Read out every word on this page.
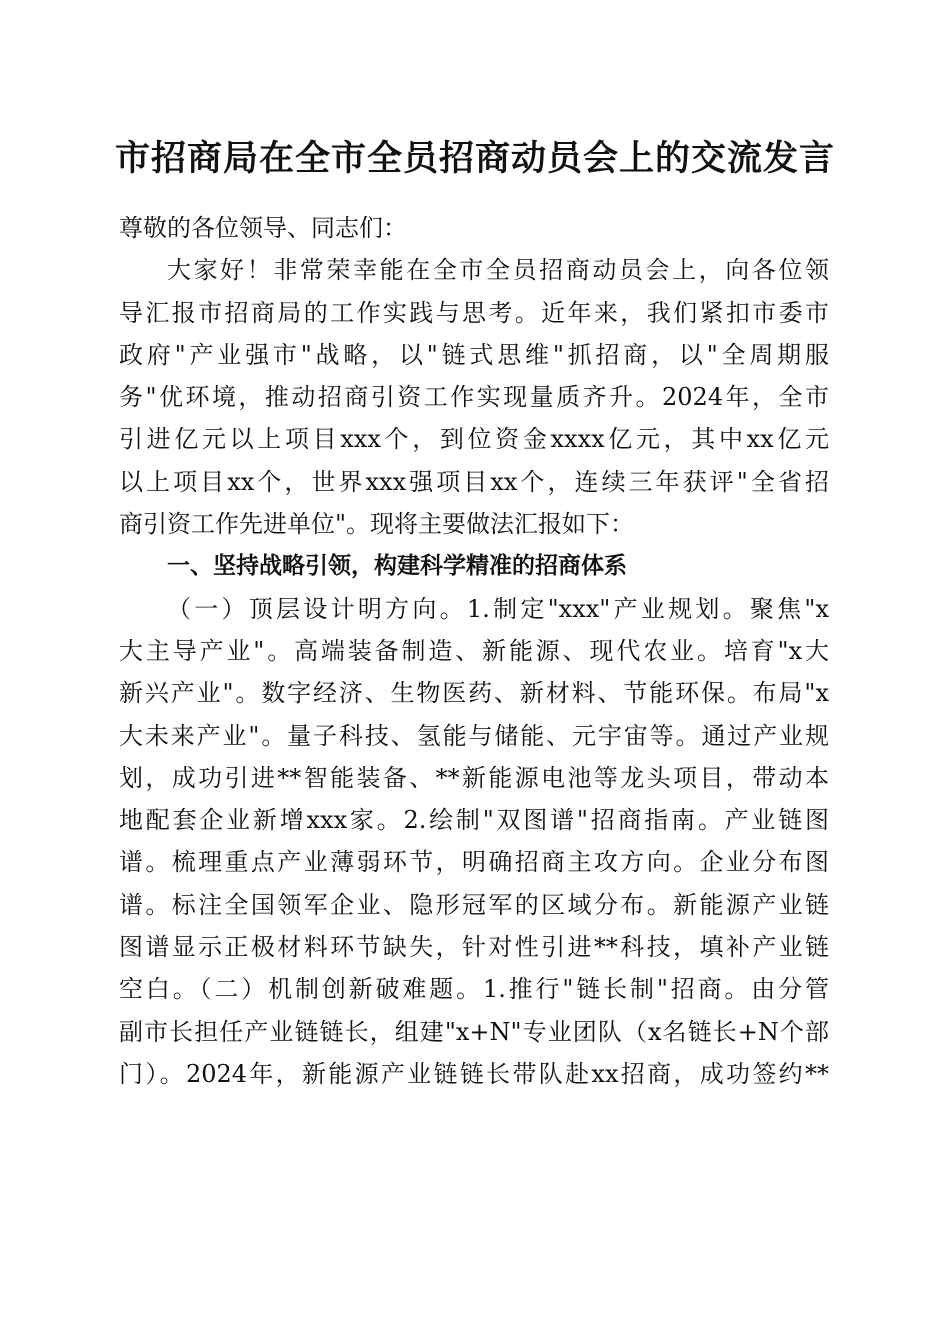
市招商局在全市全员招商动员会上的交流发言
尊敬的各位领导、同志们：
大家好！非常荣幸能在全市全员招商动员会上，向各位领
导汇报市招商局的工作实践与思考。近年来，我们紧扣市委市
政府"产业强市"战略，以"链式思维"抓招商，以"全周期服
务"优环境，推动招商引资工作实现量质齐升。2024年，全市
引进亿元以上项目xxx个，到位资金xxxx亿元，其中xx亿元
以上项目xx个，世界xxx强项目xx个，连续三年获评"全省招
商引资工作先进单位"。现将主要做法汇报如下：
一、坚持战略引领，构建科学精准的招商体系
（一）顶层设计明方向。1.制定"xxx"产业规划。聚焦"x
大主导产业"。高端装备制造、新能源、现代农业。培育"x大
新兴产业"。数字经济、生物医药、新材料、节能环保。布局"x
大未来产业"。量子科技、氢能与储能、元宇宙等。通过产业规
划，成功引进**智能装备、**新能源电池等龙头项目，带动本
地配套企业新增xxx家。2.绘制"双图谱"招商指南。产业链图
谱。梳理重点产业薄弱环节，明确招商主攻方向。企业分布图
谱。标注全国领军企业、隐形冠军的区域分布。新能源产业链
图谱显示正极材料环节缺失，针对性引进**科技，填补产业链
空白。（二）机制创新破难题。1.推行"链长制"招商。由分管
副市长担任产业链链长，组建"x+N"专业团队（x名链长+N个部
门）。2024年，新能源产业链链长带队赴xx招商，成功签约**
